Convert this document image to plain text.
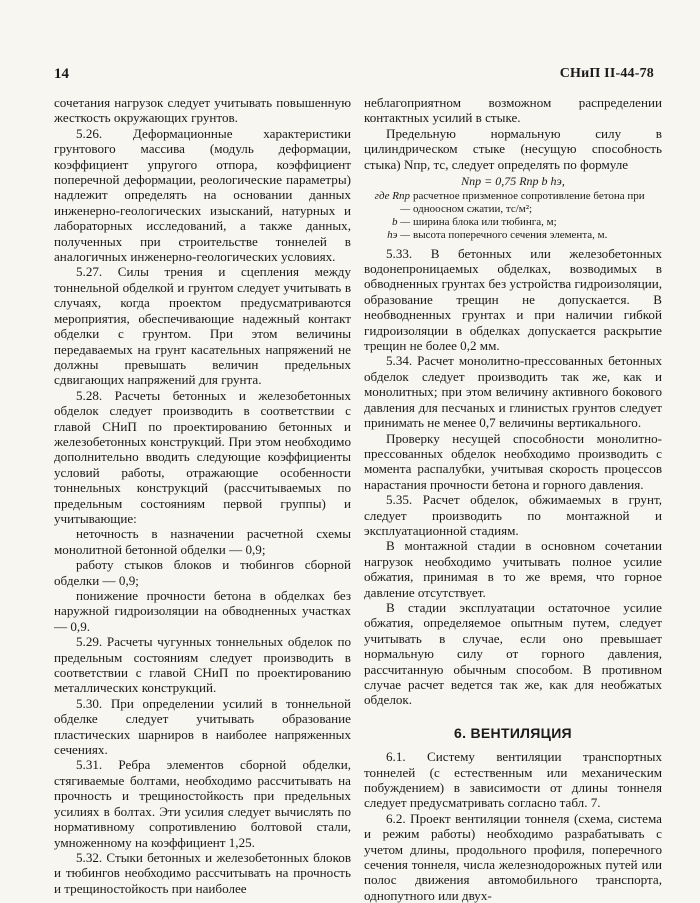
14	СНиП II-44-78

сочетания нагрузок следует учитывать повышенную жесткость окружающих грунтов.

5.26. Деформационные характеристики грунтового массива (модуль деформации, коэффициент упругого отпора, коэффициент поперечной деформации, реологические параметры) надлежит определять на основании данных инженерно-геологических изысканий, натурных и лабораторных исследований, а также данных, полученных при строительстве тоннелей в аналогичных инженерно-геологических условиях.

5.27. Силы трения и сцепления между тоннельной обделкой и грунтом следует учитывать в случаях, когда проектом предусматриваются мероприятия, обеспечивающие надежный контакт обделки с грунтом. При этом величины передаваемых на грунт касательных напряжений не должны превышать величин предельных сдвигающих напряжений для грунта.

5.28. Расчеты бетонных и железобетонных обделок следует производить в соответствии с главой СНиП по проектированию бетонных и железобетонных конструкций. При этом необходимо дополнительно вводить следующие коэффициенты условий работы, отражающие особенности тоннельных конструкций (рассчитываемых по предельным состояниям первой группы) и учитывающие:

неточность в назначении расчетной схемы монолитной бетонной обделки — 0,9;

работу стыков блоков и тюбингов сборной обделки — 0,9;

понижение прочности бетона в обделках без наружной гидроизоляции на обводненных участках — 0,9.

5.29. Расчеты чугунных тоннельных обделок по предельным состояниям следует производить в соответствии с главой СНиП по проектированию металлических конструкций.

5.30. При определении усилий в тоннельной обделке следует учитывать образование пластических шарниров в наиболее напряженных сечениях.

5.31. Ребра элементов сборной обделки, стягиваемые болтами, необходимо рассчитывать на прочность и трещиностойкость при предельных усилиях в болтах. Эти усилия следует вычислять по нормативному сопротивлению болтовой стали, умноженному на коэффициент 1,25.

5.32. Стыки бетонных и железобетонных блоков и тюбингов необходимо рассчитывать на прочность и трещиностойкость при наиболее

неблагоприятном возможном распределении контактных усилий в стыке.

Предельную нормальную силу в цилиндрическом стыке (несущую способность стыка) Nпр, тс, следует определять по формуле

Nпр = 0,75 Rпр b hэ,
где Rпр —
расчетное призменное сопротивление бетона при одноосном сжатии, тс/м²;
b — ширина блока или тюбинга, м;
hэ — высота поперечного сечения элемента, м.

5.33. В бетонных или железобетонных водонепроницаемых обделках, возводимых в обводненных грунтах без устройства гидроизоляции, образование трещин не допускается. В необводненных грунтах и при наличии гибкой гидроизоляции в обделках допускается раскрытие трещин не более 0,2 мм.

5.34. Расчет монолитно-прессованных бетонных обделок следует производить так же, как и монолитных; при этом величину активного бокового давления для песчаных и глинистых грунтов следует принимать не менее 0,7 величины вертикального.

Проверку несущей способности монолитно-прессованных обделок необходимо производить с момента распалубки, учитывая скорость процессов нарастания прочности бетона и горного давления.

5.35. Расчет обделок, обжимаемых в грунт, следует производить по монтажной и эксплуатационной стадиям.

В монтажной стадии в основном сочетании нагрузок необходимо учитывать полное усилие обжатия, принимая в то же время, что горное давление отсутствует.

В стадии эксплуатации остаточное усилие обжатия, определяемое опытным путем, следует учитывать в случае, если оно превышает нормальную силу от горного давления, рассчитанную обычным способом. В противном случае расчет ведется так же, как для необжатых обделок.

6. ВЕНТИЛЯЦИЯ

6.1. Систему вентиляции транспортных тоннелей (с естественным или механическим побуждением) в зависимости от длины тоннеля следует предусматривать согласно табл. 7.

6.2. Проект вентиляции тоннеля (схема, система и режим работы) необходимо разрабатывать с учетом длины, продольного профиля, поперечного сечения тоннеля, числа железнодорожных путей или полос движения автомобильного транспорта, однопутного или двух-
